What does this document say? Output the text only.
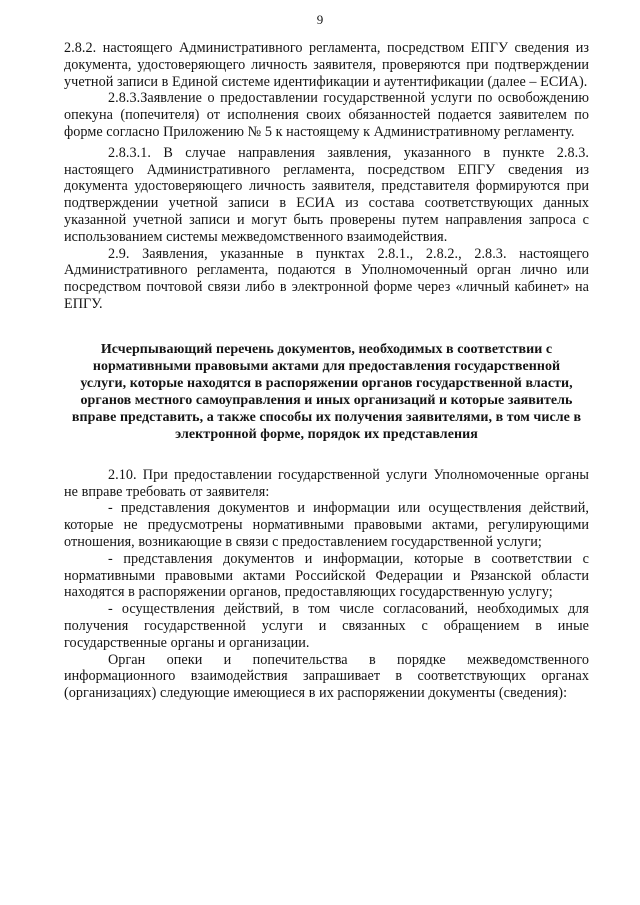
9

2.8.2. настоящего Административного регламента, посредством ЕПГУ сведения из документа, удостоверяющего личность заявителя, проверяются при подтверждении учетной записи в Единой системе идентификации и аутентификации (далее – ЕСИА).

2.8.3.Заявление о предоставлении государственной услуги по освобождению опекуна (попечителя) от исполнения своих обязанностей подается заявителем по форме согласно Приложению № 5 к настоящему к Административному регламенту.

2.8.3.1. В случае направления заявления, указанного в пункте 2.8.3. настоящего Административного регламента, посредством ЕПГУ сведения из документа удостоверяющего личность заявителя, представителя формируются при подтверждении учетной записи в ЕСИА из состава соответствующих данных указанной учетной записи и могут быть проверены путем направления запроса с использованием системы межведомственного взаимодействия.

2.9. Заявления, указанные в пунктах 2.8.1., 2.8.2., 2.8.3. настоящего Административного регламента, подаются в Уполномоченный орган лично или посредством почтовой связи либо в электронной форме через «личный кабинет» на ЕПГУ.

Исчерпывающий перечень документов, необходимых в соответствии с нормативными правовыми актами для предоставления государственной услуги, которые находятся в распоряжении органов государственной власти, органов местного самоуправления и иных организаций и которые заявитель вправе представить, а также способы их получения заявителями, в том числе в электронной форме, порядок их представления

2.10. При предоставлении государственной услуги Уполномоченные органы не вправе требовать от заявителя:

- представления документов и информации или осуществления действий, которые не предусмотрены нормативными правовыми актами, регулирующими отношения, возникающие в связи с предоставлением государственной услуги;

- представления документов и информации, которые в соответствии с нормативными правовыми актами Российской Федерации и Рязанской области находятся в распоряжении органов, предоставляющих государственную услугу;

- осуществления действий, в том числе согласований, необходимых для получения государственной услуги и связанных с обращением в иные государственные органы и организации.

Орган опеки и попечительства в порядке межведомственного информационного взаимодействия запрашивает в соответствующих органах (организациях) следующие имеющиеся в их распоряжении документы (сведения):
